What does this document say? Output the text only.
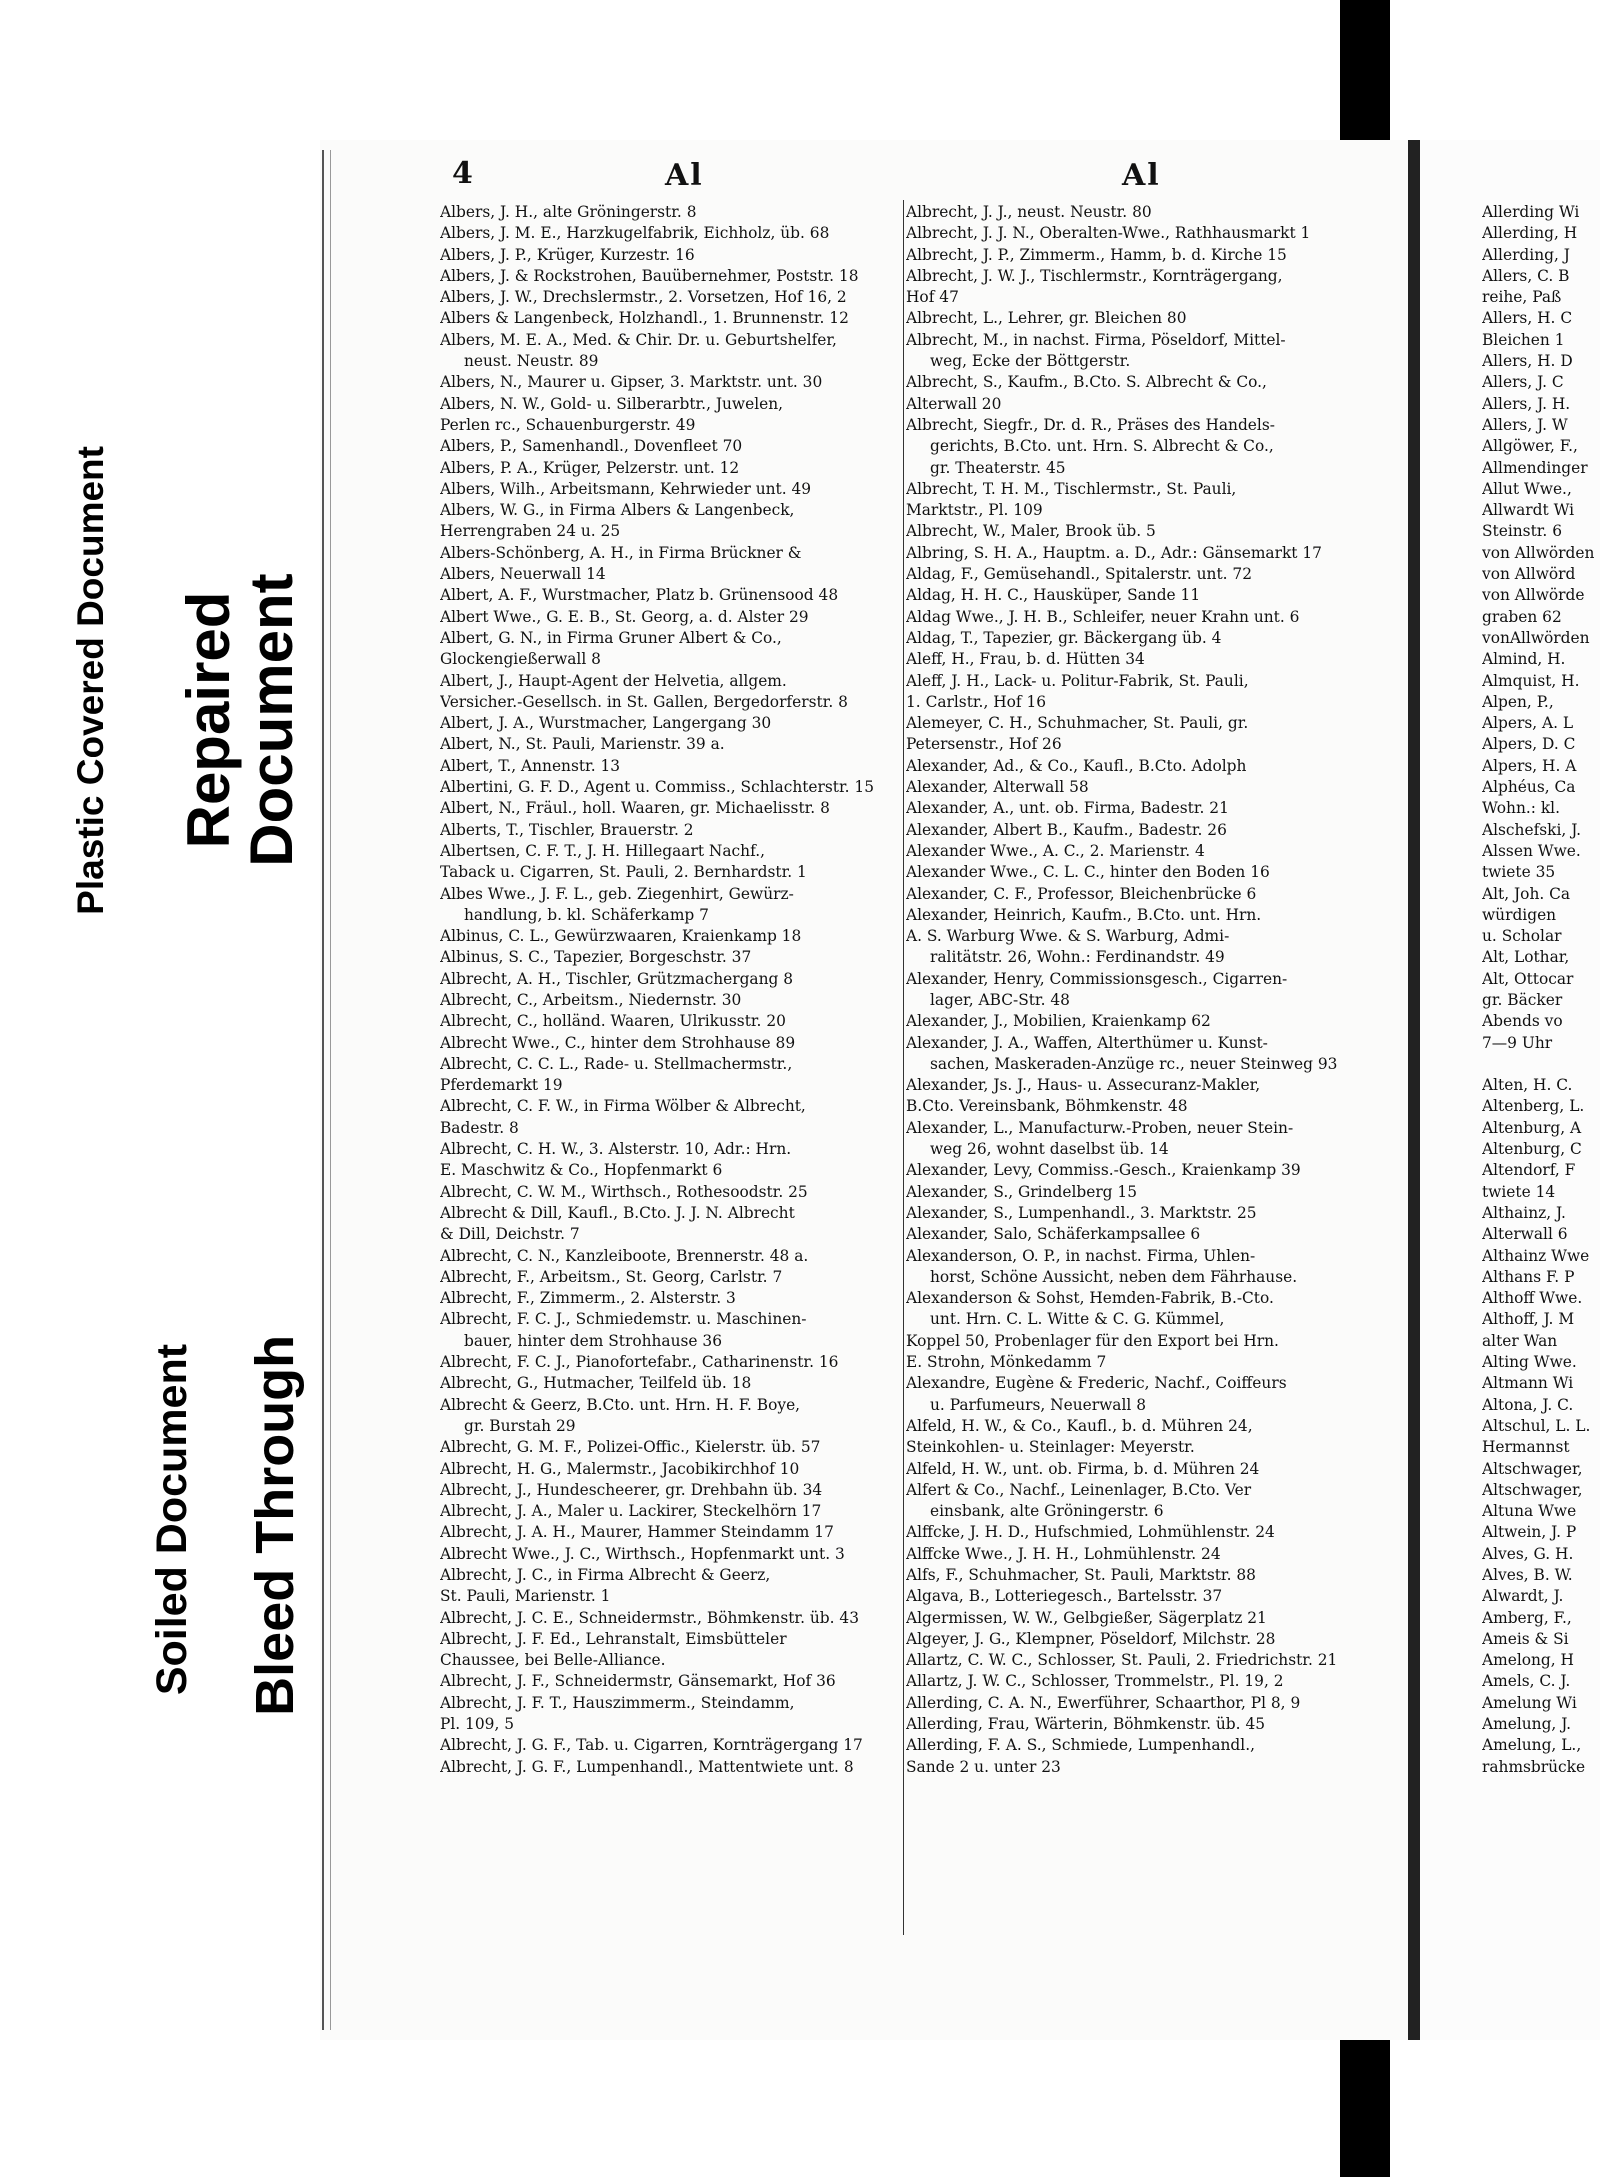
Plastic Covered Document Repaired Document
Soiled Document Bleed Through
4	Al	Al
Albers, J. H., alte Gröningerstr. 8
Albers, J. M. E., Harzkugelfabrik, Eichholz, üb. 68
Albers, J. P., Krüger, Kurzestr. 16
Albers, J. & Rockstrohen, Bauübernehmer, Poststr. 18
Albers, J. W., Drechslermstr., 2. Vorsetzen, Hof 16, 2
Albers & Langenbeck, Holzhandl., 1. Brunnenstr. 12
Albers, M. E. A., Med. & Chir. Dr. u. Geburtshelfer,
neust. Neustr. 89
Albers, N., Maurer u. Gipser, 3. Marktstr. unt. 30
Albers, N. W., Gold- u. Silberarbtr., Juwelen,
Perlen rc., Schauenburgerstr. 49
Albers, P., Samenhandl., Dovenfleet 70
Albers, P. A., Krüger, Pelzerstr. unt. 12
Albers, Wilh., Arbeitsmann, Kehrwieder unt. 49
Albers, W. G., in Firma Albers & Langenbeck,
Herrengraben 24 u. 25
Albers-Schönberg, A. H., in Firma Brückner &
Albers, Neuerwall 14
Albert, A. F., Wurstmacher, Platz b. Grünensood 48
Albert Wwe., G. E. B., St. Georg, a. d. Alster 29
Albert, G. N., in Firma Gruner Albert & Co.,
Glockengießerwall 8
Albert, J., Haupt-Agent der Helvetia, allgem.
Versicher.-Gesellsch. in St. Gallen, Bergedorferstr. 8
Albert, J. A., Wurstmacher, Langergang 30
Albert, N., St. Pauli, Marienstr. 39 a.
Albert, T., Annenstr. 13
Albertini, G. F. D., Agent u. Commiss., Schlachterstr. 15
Albert, N., Fräul., holl. Waaren, gr. Michaelisstr. 8
Alberts, T., Tischler, Brauerstr. 2
Albertsen, C. F. T., J. H. Hillegaart Nachf.,
Taback u. Cigarren, St. Pauli, 2. Bernhardstr. 1
Albes Wwe., J. F. L., geb. Ziegenhirt, Gewürz-
handlung, b. kl. Schäferkamp 7
Albinus, C. L., Gewürzwaaren, Kraienkamp 18
Albinus, S. C., Tapezier, Borgeschstr. 37
Albrecht, A. H., Tischler, Grützmachergang 8
Albrecht, C., Arbeitsm., Niedernstr. 30
Albrecht, C., holländ. Waaren, Ulrikusstr. 20
Albrecht Wwe., C., hinter dem Strohhause 89
Albrecht, C. C. L., Rade- u. Stellmachermstr.,
Pferdemarkt 19
Albrecht, C. F. W., in Firma Wölber & Albrecht,
Badestr. 8
Albrecht, C. H. W., 3. Alsterstr. 10, Adr.: Hrn.
E. Maschwitz & Co., Hopfenmarkt 6
Albrecht, C. W. M., Wirthsch., Rothesoodstr. 25
Albrecht & Dill, Kaufl., B.Cto. J. J. N. Albrecht
& Dill, Deichstr. 7
Albrecht, C. N., Kanzleiboote, Brennerstr. 48 a.
Albrecht, F., Arbeitsm., St. Georg, Carlstr. 7
Albrecht, F., Zimmerm., 2. Alsterstr. 3
Albrecht, F. C. J., Schmiedemstr. u. Maschinen-
bauer, hinter dem Strohhause 36
Albrecht, F. C. J., Pianofortefabr., Catharinenstr. 16
Albrecht, G., Hutmacher, Teilfeld üb. 18
Albrecht & Geerz, B.Cto. unt. Hrn. H. F. Boye,
gr. Burstah 29
Albrecht, G. M. F., Polizei-Offic., Kielerstr. üb. 57
Albrecht, H. G., Malermstr., Jacobikirchhof 10
Albrecht, J., Hundescheerer, gr. Drehbahn üb. 34
Albrecht, J. A., Maler u. Lackirer, Steckelhörn 17
Albrecht, J. A. H., Maurer, Hammer Steindamm 17
Albrecht Wwe., J. C., Wirthsch., Hopfenmarkt unt. 3
Albrecht, J. C., in Firma Albrecht & Geerz,
St. Pauli, Marienstr. 1
Albrecht, J. C. E., Schneidermstr., Böhmkenstr. üb. 43
Albrecht, J. F. Ed., Lehranstalt, Eimsbütteler
Chaussee, bei Belle-Alliance.
Albrecht, J. F., Schneidermstr, Gänsemarkt, Hof 36
Albrecht, J. F. T., Hauszimmerm., Steindamm,
Pl. 109, 5
Albrecht, J. G. F., Tab. u. Cigarren, Kornträgergang 17
Albrecht, J. G. F., Lumpenhandl., Mattentwiete unt. 8
Albrecht, J. J., neust. Neustr. 80
Albrecht, J. J. N., Oberalten-Wwe., Rathhausmarkt 1
Albrecht, J. P., Zimmerm., Hamm, b. d. Kirche 15
Albrecht, J. W. J., Tischlermstr., Kornträgergang,
Hof 47
Albrecht, L., Lehrer, gr. Bleichen 80
Albrecht, M., in nachst. Firma, Pöseldorf, Mittel-
weg, Ecke der Böttgerstr.
Albrecht, S., Kaufm., B.Cto. S. Albrecht & Co.,
Alterwall 20
Albrecht, Siegfr., Dr. d. R., Präses des Handels-
gerichts, B.Cto. unt. Hrn. S. Albrecht & Co.,
gr. Theaterstr. 45
Albrecht, T. H. M., Tischlermstr., St. Pauli,
Marktstr., Pl. 109
Albrecht, W., Maler, Brook üb. 5
Albring, S. H. A., Hauptm. a. D., Adr.: Gänsemarkt 17
Aldag, F., Gemüsehandl., Spitalerstr. unt. 72
Aldag, H. H. C., Hausküper, Sande 11
Aldag Wwe., J. H. B., Schleifer, neuer Krahn unt. 6
Aldag, T., Tapezier, gr. Bäckergang üb. 4
Aleff, H., Frau, b. d. Hütten 34
Aleff, J. H., Lack- u. Politur-Fabrik, St. Pauli,
1. Carlstr., Hof 16
Alemeyer, C. H., Schuhmacher, St. Pauli, gr.
Petersenstr., Hof 26
Alexander, Ad., & Co., Kaufl., B.Cto. Adolph
Alexander, Alterwall 58
Alexander, A., unt. ob. Firma, Badestr. 21
Alexander, Albert B., Kaufm., Badestr. 26
Alexander Wwe., A. C., 2. Marienstr. 4
Alexander Wwe., C. L. C., hinter den Boden 16
Alexander, C. F., Professor, Bleichenbrücke 6
Alexander, Heinrich, Kaufm., B.Cto. unt. Hrn.
A. S. Warburg Wwe. & S. Warburg, Admi-
ralitätstr. 26, Wohn.: Ferdinandstr. 49
Alexander, Henry, Commissionsgesch., Cigarren-
lager, ABC-Str. 48
Alexander, J., Mobilien, Kraienkamp 62
Alexander, J. A., Waffen, Alterthümer u. Kunst-
sachen, Maskeraden-Anzüge rc., neuer Steinweg 93
Alexander, Js. J., Haus- u. Assecuranz-Makler,
B.Cto. Vereinsbank, Böhmkenstr. 48
Alexander, L., Manufacturw.-Proben, neuer Stein-
weg 26, wohnt daselbst üb. 14
Alexander, Levy, Commiss.-Gesch., Kraienkamp 39
Alexander, S., Grindelberg 15
Alexander, S., Lumpenhandl., 3. Marktstr. 25
Alexander, Salo, Schäferkampsallee 6
Alexanderson, O. P., in nachst. Firma, Uhlen-
horst, Schöne Aussicht, neben dem Fährhause.
Alexanderson & Sohst, Hemden-Fabrik, B.-Cto.
unt. Hrn. C. L. Witte & C. G. Kümmel,
Koppel 50, Probenlager für den Export bei Hrn.
E. Strohn, Mönkedamm 7
Alexandre, Eugène & Frederic, Nachf., Coiffeurs
u. Parfumeurs, Neuerwall 8
Alfeld, H. W., & Co., Kaufl., b. d. Mühren 24,
Steinkohlen- u. Steinlager: Meyerstr.
Alfeld, H. W., unt. ob. Firma, b. d. Mühren 24
Alfert & Co., Nachf., Leinenlager, B.Cto. Ver
einsbank, alte Gröningerstr. 6
Alffcke, J. H. D., Hufschmied, Lohmühlenstr. 24
Alffcke Wwe., J. H. H., Lohmühlenstr. 24
Alfs, F., Schuhmacher, St. Pauli, Marktstr. 88
Algava, B., Lotteriegesch., Bartelsstr. 37
Algermissen, W. W., Gelbgießer, Sägerplatz 21
Algeyer, J. G., Klempner, Pöseldorf, Milchstr. 28
Allartz, C. W. C., Schlosser, St. Pauli, 2. Friedrichstr. 21
Allartz, J. W. C., Schlosser, Trommelstr., Pl. 19, 2
Allerding, C. A. N., Ewerführer, Schaarthor, Pl 8, 9
Allerding, Frau, Wärterin, Böhmkenstr. üb. 45
Allerding, F. A. S., Schmiede, Lumpenhandl.,
Sande 2 u. unter 23
Allerding Wi
Allerding, H
Allerding, J
Allers, C. B
reihe, Paß
Allers, H. C
Bleichen 1
Allers, H. D
Allers, J. C
Allers, J. H.
Allers, J. W
Allgöwer, F.,
Allmendinger
Allut Wwe.,
Allwardt Wi
Steinstr. 6
von Allwörden
von Allwörd
von Allwörde
graben 62
vonAllwörden
Almind, H.
Almquist, H.
Alpen, P.,
Alpers, A. L
Alpers, D. C
Alpers, H. A
Alphéus, Ca
Wohn.: kl.
Alschefski, J.
Alssen Wwe.
twiete 35
Alt, Joh. Ca
würdigen
u. Scholar
Alt, Lothar,
Alt, Ottocar
gr. Bäcker
Abends vo
7—9 Uhr
Alten, H. C.
Altenberg, L.
Altenburg, A
Altenburg, C
Altendorf, F
twiete 14
Althainz, J.
Alterwall 6
Althainz Wwe
Althans F. P
Althoff Wwe.
Althoff, J. M
alter Wan
Alting Wwe.
Altmann Wi
Altona, J. C.
Altschul, L. L.
Hermannst
Altschwager,
Altschwager,
Altuna Wwe
Altwein, J. P
Alves, G. H.
Alves, B. W.
Alwardt, J.
Amberg, F.,
Ameis & Si
Amelong, H
Amels, C. J.
Amelung Wi
Amelung, J.
Amelung, L.,
rahmsbrücke
